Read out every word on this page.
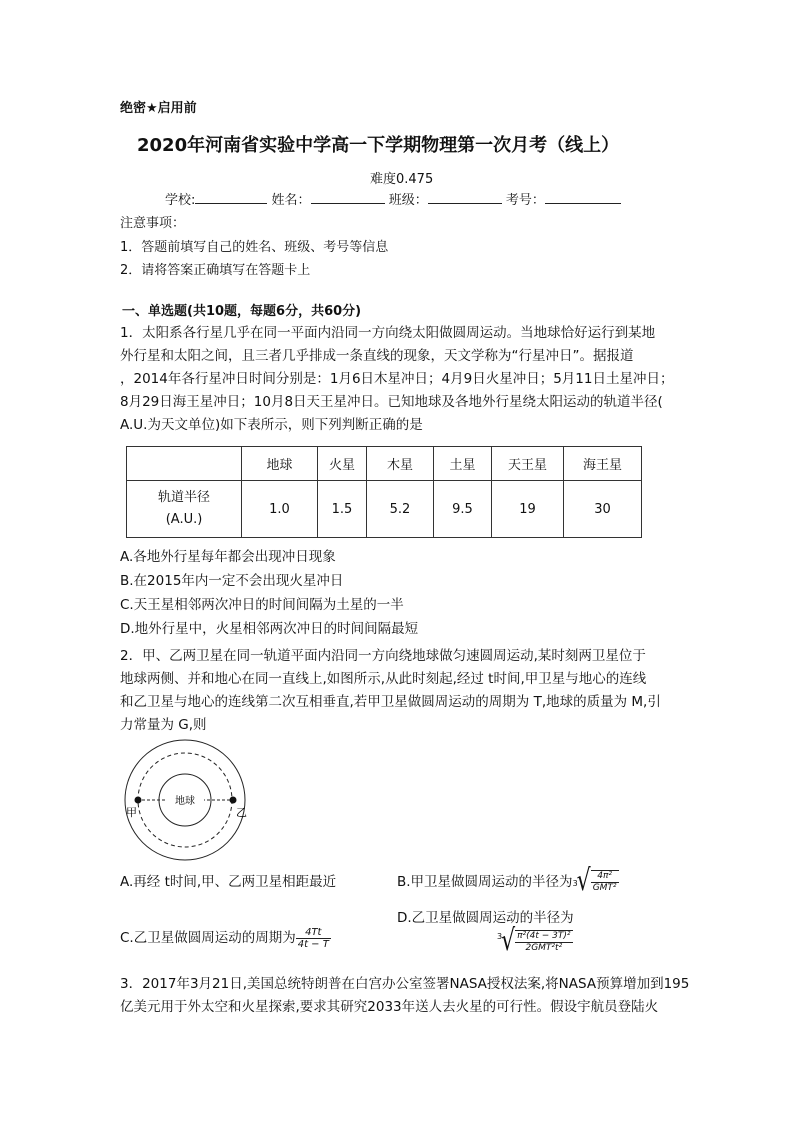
绝密★启用前
2020年河南省实验中学高一下学期物理第一次月考（线上）
难度0.475
学校:	姓名：	班级：	考号：
注意事项：
1．答题前填写自己的姓名、班级、考号等信息
2．请将答案正确填写在答题卡上
一、单选题(共10题，每题6分，共60分)
1．太阳系各行星几乎在同一平面内沿同一方向绕太阳做圆周运动。当地球恰好运行到某地
外行星和太阳之间，且三者几乎排成一条直线的现象，天文学称为“行星冲日”。据报道
，2014年各行星冲日时间分别是：1月6日木星冲日；4月9日火星冲日；5月11日土星冲日；
8月29日海王星冲日；10月8日天王星冲日。已知地球及各地外行星绕太阳运动的轨道半径(
A.U.为天文单位)如下表所示，则下列判断正确的是
	地球	火星	木星	土星	天王星	海王星

轨道半径
(A.U.)	1.0	1.5	5.2	9.5	19	30
A.各地外行星每年都会出现冲日现象
B.在2015年内一定不会出现火星冲日
C.天王星相邻两次冲日的时间间隔为土星的一半
D.地外行星中，火星相邻两次冲日的时间间隔最短
2．甲、乙两卫星在同一轨道平面内沿同一方向绕地球做匀速圆周运动,某时刻两卫星位于
地球两侧、并和地心在同一直线上,如图所示,从此时刻起,经过 t时间,甲卫星与地心的连线
和乙卫星与地心的连线第二次互相垂直,若甲卫星做圆周运动的周期为 T,地球的质量为 M,引
力常量为 G,则
地球
甲	乙
A.再经 t时间,甲、乙两卫星相距最近	B.甲卫星做圆周运动的半径为 3 √ $\frac{\text{4π²}}{\text{GMT²}}$
D.乙卫星做圆周运动的半径为
3 √ $\frac{\text{π²(4t − 3T)²}}{\text{2GMT²t²}}$
C.乙卫星做圆周运动的周期为 $\frac{4Tt}{4t - T}$
3．2017年3月21日,美国总统特朗普在白宫办公室签署NASA授权法案,将NASA预算增加到195
亿美元用于外太空和火星探索,要求其研究2033年送人去火星的可行性。假设宇航员登陆火
